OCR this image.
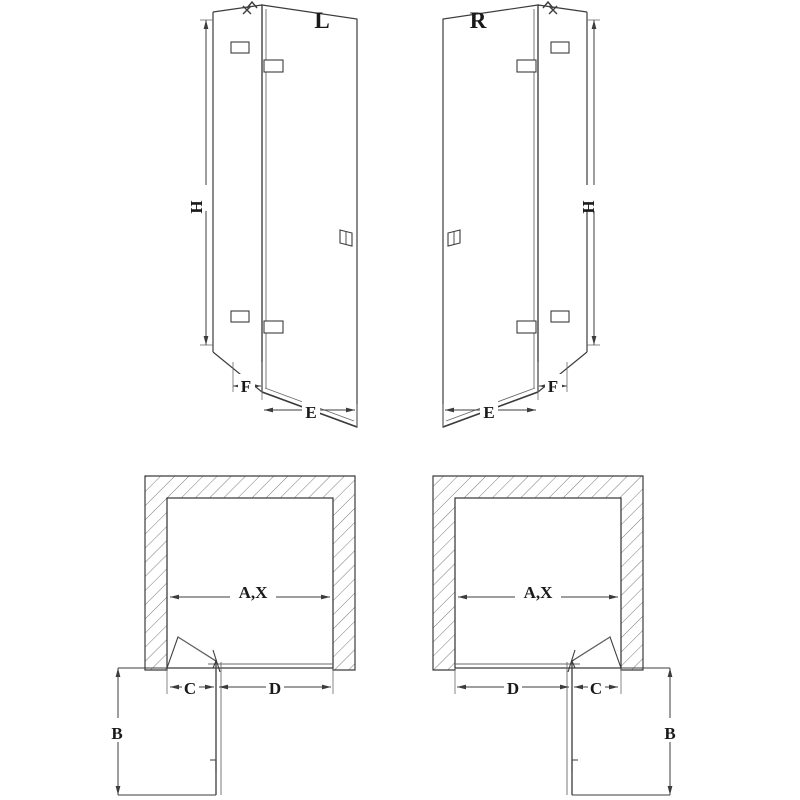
H
F
E
L
H
E
F
R
A,X
C	D
B
A,X
D	C
B
